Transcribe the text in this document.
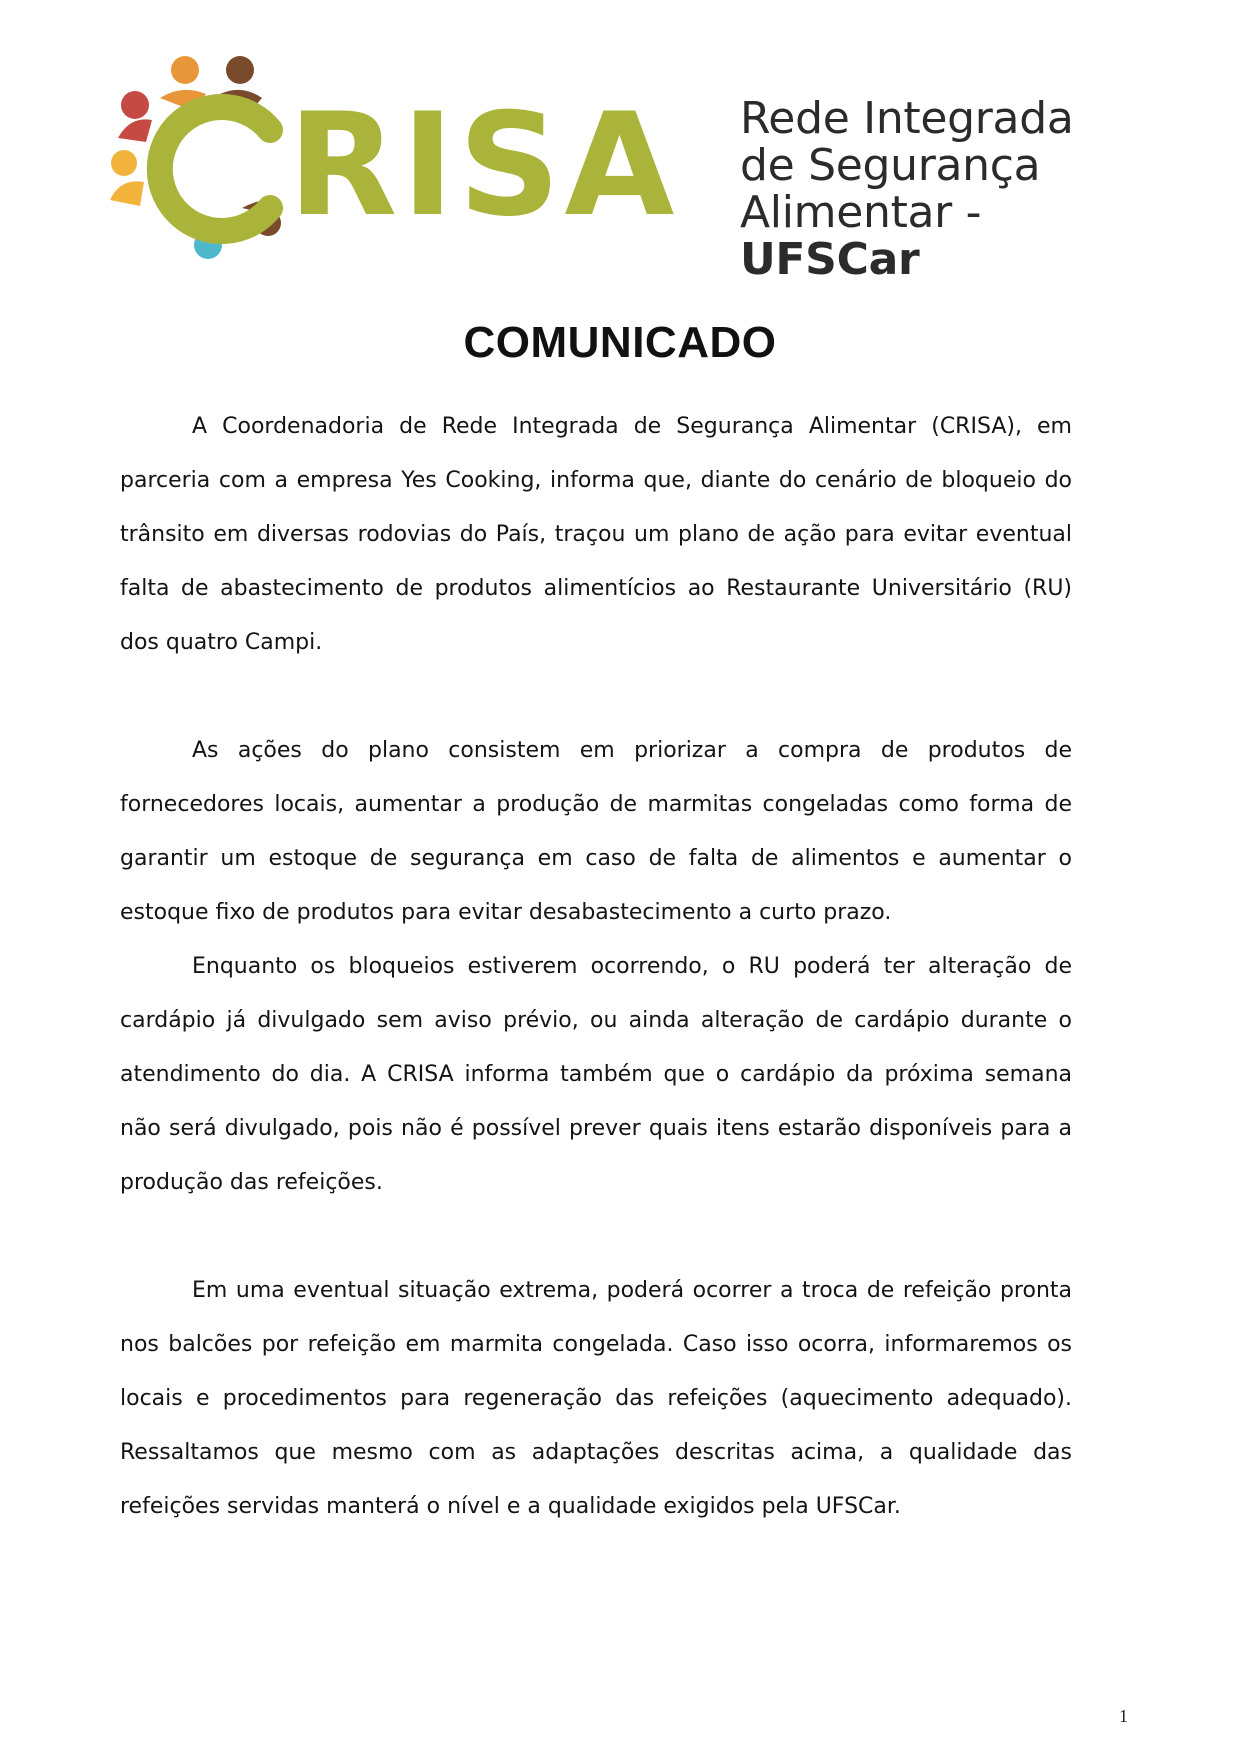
RISA Rede Integrada
de Segurança
Alimentar - UFSCar
COMUNICADO

A Coordenadoria de Rede Integrada de Segurança Alimentar (CRISA), em parceria com a empresa Yes Cooking, informa que, diante do cenário de bloqueio do trânsito em diversas rodovias do País, traçou um plano de ação para evitar eventual falta de abastecimento de produtos alimentícios ao Restaurante Universitário (RU) dos quatro Campi.

As ações do plano consistem em priorizar a compra de produtos de fornecedores locais, aumentar a produção de marmitas congeladas como forma de garantir um estoque de segurança em caso de falta de alimentos e aumentar o estoque fixo de produtos para evitar desabastecimento a curto prazo.

Enquanto os bloqueios estiverem ocorrendo, o RU poderá ter alteração de cardápio já divulgado sem aviso prévio, ou ainda alteração de cardápio durante o atendimento do dia. A CRISA informa também que o cardápio da próxima semana não será divulgado, pois não é possível prever quais itens estarão disponíveis para a produção das refeições.

Em uma eventual situação extrema, poderá ocorrer a troca de refeição pronta nos balcões por refeição em marmita congelada. Caso isso ocorra, informaremos os locais e procedimentos para regeneração das refeições (aquecimento adequado). Ressaltamos que mesmo com as adaptações descritas acima, a qualidade das refeições servidas manterá o nível e a qualidade exigidos pela UFSCar.

1
